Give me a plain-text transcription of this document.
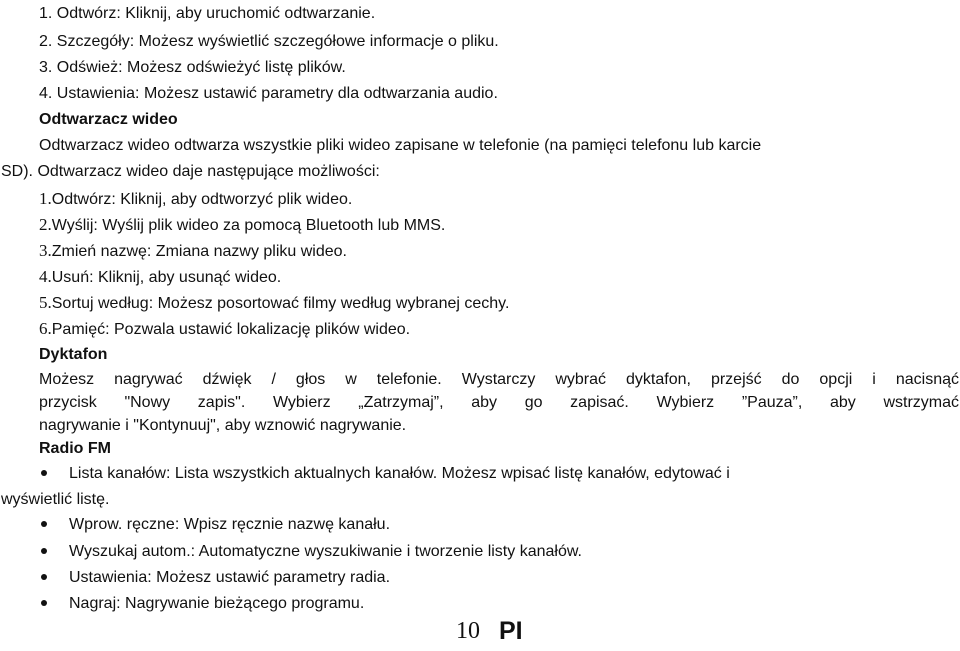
1. Odtwórz: Kliknij, aby uruchomić odtwarzanie.
2. Szczegóły: Możesz wyświetlić szczegółowe informacje o pliku.
3. Odśwież: Możesz odświeżyć listę plików.
4. Ustawienia: Możesz ustawić parametry dla odtwarzania audio.
Odtwarzacz wideo
Odtwarzacz wideo odtwarza wszystkie pliki wideo zapisane w telefonie (na pamięci telefonu lub karcie
SD). Odtwarzacz wideo daje następujące możliwości:
1.Odtwórz: Kliknij, aby odtworzyć plik wideo.
2.Wyślij: Wyślij plik wideo za pomocą Bluetooth lub MMS.
3.Zmień nazwę: Zmiana nazwy pliku wideo.
4.Usuń: Kliknij, aby usunąć wideo.
5.Sortuj według: Możesz posortować filmy według wybranej cechy.
6.Pamięć: Pozwala ustawić lokalizację plików wideo.
Dyktafon
Możesz nagrywać dźwięk / głos w telefonie. Wystarczy wybrać dyktafon, przejść do opcji i nacisnąć
przycisk "Nowy zapis". Wybierz „Zatrzymaj”, aby go zapisać. Wybierz ”Pauza”, aby wstrzymać
nagrywanie i "Kontynuuj", aby wznowić nagrywanie.
Radio FM
Lista kanałów: Lista wszystkich aktualnych kanałów. Możesz wpisać listę kanałów, edytować i
wyświetlić listę.
Wprow. ręczne: Wpisz ręcznie nazwę kanału.
Wyszukaj autom.: Automatyczne wyszukiwanie i tworzenie listy kanałów.
Ustawienia: Możesz ustawić parametry radia.
Nagraj: Nagrywanie bieżącego programu.
10 PI
